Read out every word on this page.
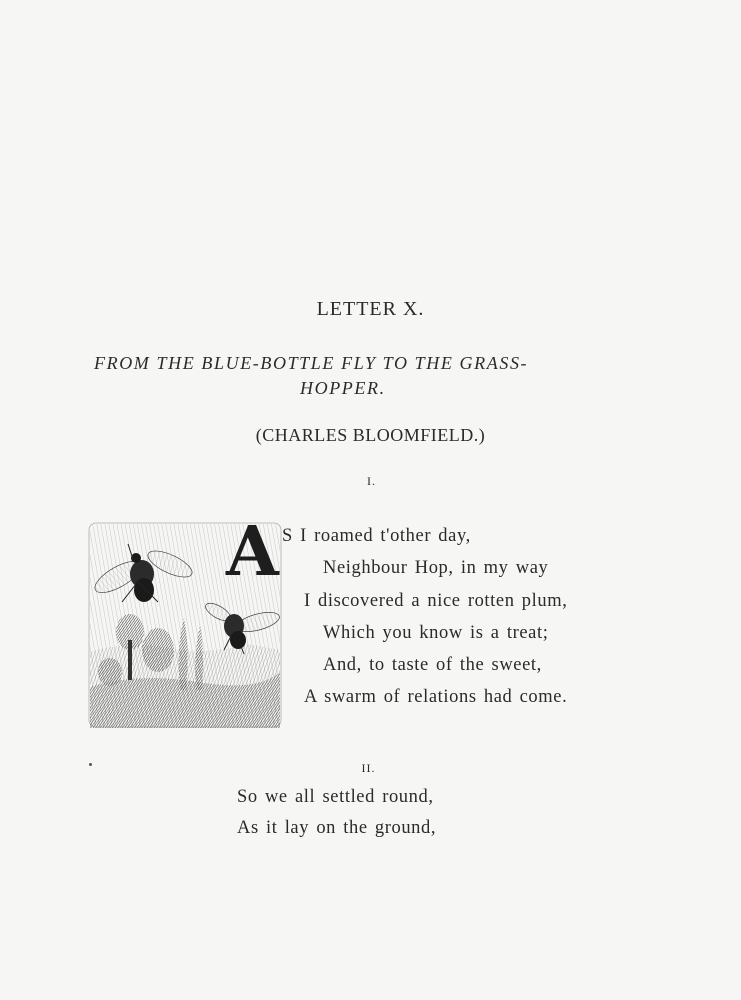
LETTER X.
FROM THE BLUE-BOTTLE FLY TO THE GRASS-
HOPPER.
(CHARLES BLOOMFIELD.)
I.
A S I roamed t'other day,
Neighbour Hop, in my way
I discovered a nice rotten plum,
Which you know is a treat;
And, to taste of the sweet,
A swarm of relations had come.
II.
So we all settled round,
As it lay on the ground,
